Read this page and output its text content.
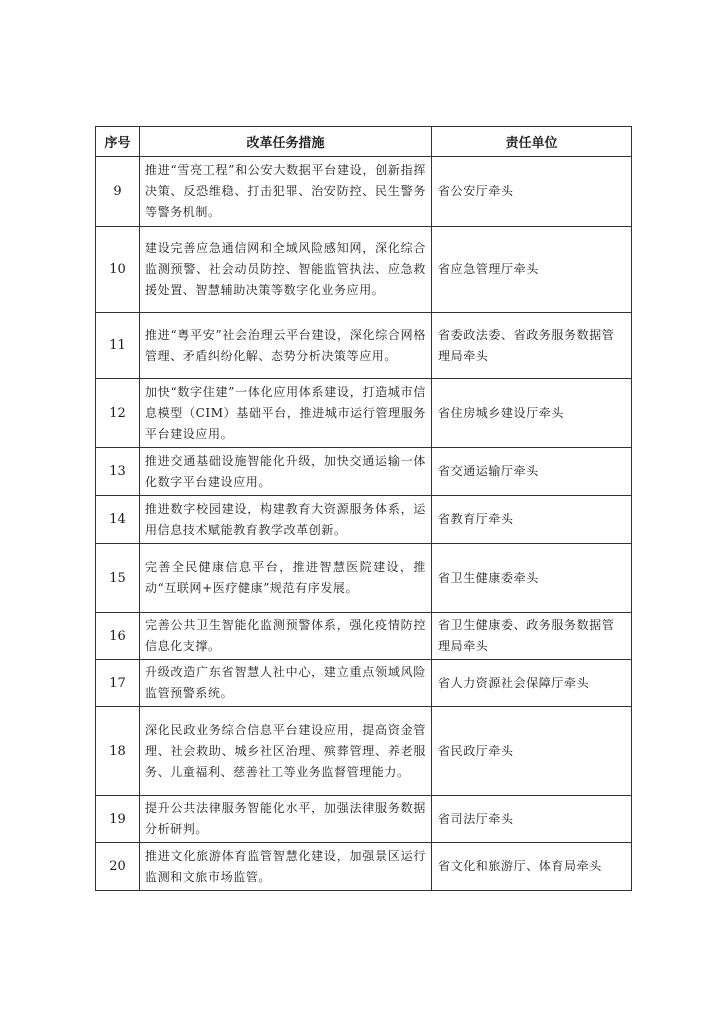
序号	改革任务措施	责任单位
9	推进“雪亮工程”和公安大数据平台建设，创新指挥决策、反恐维稳、打击犯罪、治安防控、民生警务等警务机制。	省公安厅牵头
10	建设完善应急通信网和全域风险感知网，深化综合监测预警、社会动员防控、智能监管执法、应急救援处置、智慧辅助决策等数字化业务应用。	省应急管理厅牵头
11	推进“粤平安”社会治理云平台建设，深化综合网格管理、矛盾纠纷化解、态势分析决策等应用。	省委政法委、省政务服务数据管理局牵头
12	加快“数字住建”一体化应用体系建设，打造城市信息模型（CIM）基础平台，推进城市运行管理服务平台建设应用。	省住房城乡建设厅牵头
13	推进交通基础设施智能化升级，加快交通运输一体化数字平台建设应用。	省交通运输厅牵头
14	推进数字校园建设，构建教育大资源服务体系，运用信息技术赋能教育教学改革创新。	省教育厅牵头
15	完善全民健康信息平台，推进智慧医院建设，推动“互联网+医疗健康”规范有序发展。	省卫生健康委牵头
16	完善公共卫生智能化监测预警体系，强化疫情防控信息化支撑。	省卫生健康委、政务服务数据管理局牵头
17	升级改造广东省智慧人社中心，建立重点领域风险监管预警系统。	省人力资源社会保障厅牵头
18	深化民政业务综合信息平台建设应用，提高资金管理、社会救助、城乡社区治理、殡葬管理、养老服务、儿童福利、慈善社工等业务监督管理能力。	省民政厅牵头
19	提升公共法律服务智能化水平，加强法律服务数据分析研判。	省司法厅牵头
20	推进文化旅游体育监管智慧化建设，加强景区运行监测和文旅市场监管。	省文化和旅游厅、体育局牵头
